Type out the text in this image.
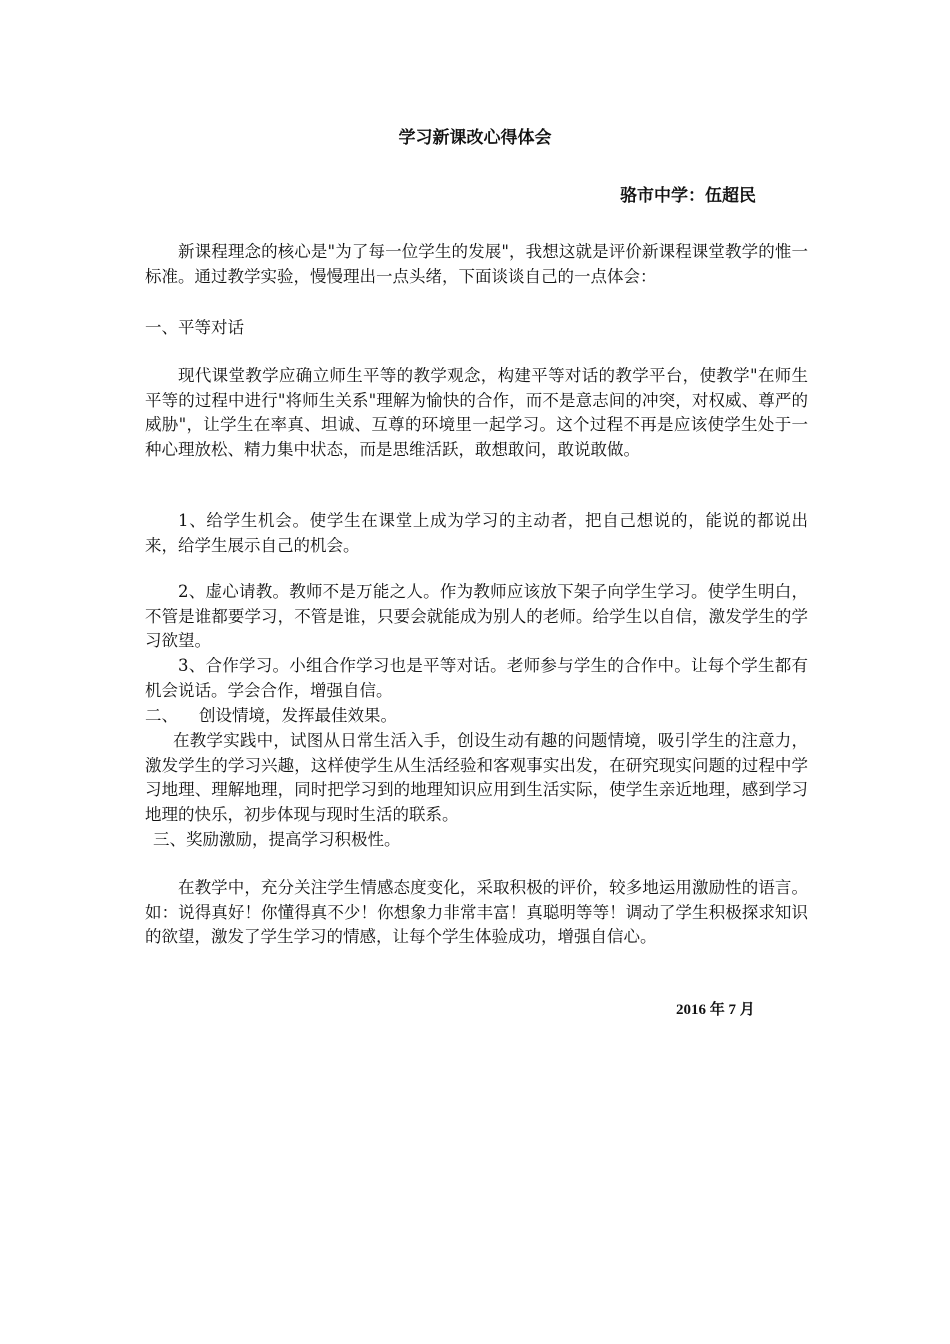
学习新课改心得体会

骆市中学：伍超民

新课程理念的核心是"为了每一位学生的发展"，我想这就是评价新课程课堂教学的惟一标准。通过教学实验，慢慢理出一点头绪，下面谈谈自己的一点体会：

一、平等对话

现代课堂教学应确立师生平等的教学观念，构建平等对话的教学平台，使教学"在师生平等的过程中进行"将师生关系"理解为愉快的合作，而不是意志间的冲突，对权威、尊严的威胁"，让学生在率真、坦诚、互尊的环境里一起学习。这个过程不再是应该使学生处于一种心理放松、精力集中状态，而是思维活跃，敢想敢问，敢说敢做。

1、给学生机会。使学生在课堂上成为学习的主动者，把自己想说的，能说的都说出来，给学生展示自己的机会。

2、虚心请教。教师不是万能之人。作为教师应该放下架子向学生学习。使学生明白，不管是谁都要学习，不管是谁，只要会就能成为别人的老师。给学生以自信，激发学生的学习欲望。

3、合作学习。小组合作学习也是平等对话。老师参与学生的合作中。让每个学生都有机会说话。学会合作，增强自信。

二、    创设情境，发挥最佳效果。

在教学实践中，试图从日常生活入手，创设生动有趣的问题情境，吸引学生的注意力，激发学生的学习兴趣，这样使学生从生活经验和客观事实出发，在研究现实问题的过程中学习地理、理解地理，同时把学习到的地理知识应用到生活实际，使学生亲近地理，感到学习地理的快乐，初步体现与现时生活的联系。

三、奖励激励，提高学习积极性。

在教学中，充分关注学生情感态度变化，采取积极的评价，较多地运用激励性的语言。如：说得真好！你懂得真不少！你想象力非常丰富！真聪明等等！调动了学生积极探求知识的欲望，激发了学生学习的情感，让每个学生体验成功，增强自信心。

2016 年 7 月
